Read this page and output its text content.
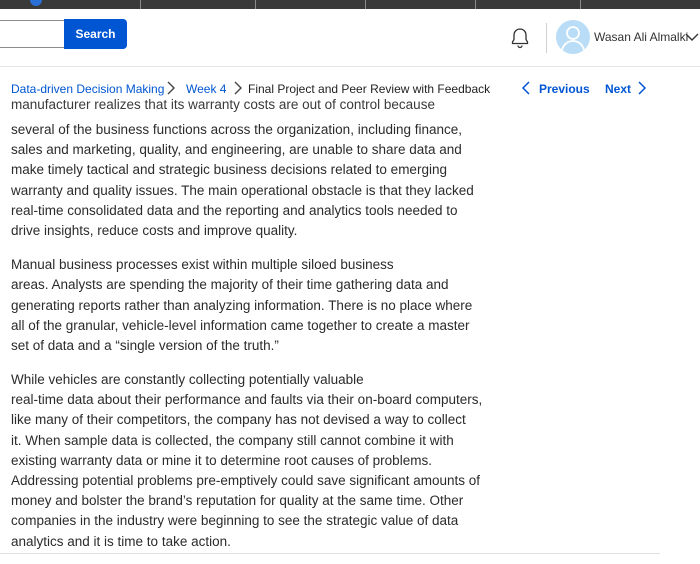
Search	Wasan Ali Almalki
Data-driven Decision Making Week 4 Final Project and Peer Review with Feedback	Previous Next
manufacturer realizes that its warranty costs are out of control because
several of the business functions across the organization, including finance,
sales and marketing, quality, and engineering, are unable to share data and
make timely tactical and strategic business decisions related to emerging
warranty and quality issues. The main operational obstacle is that they lacked
real-time consolidated data and the reporting and analytics tools needed to
drive insights, reduce costs and improve quality.
Manual business processes exist within multiple siloed business
areas. Analysts are spending the majority of their time gathering data and
generating reports rather than analyzing information. There is no place where
all of the granular, vehicle-level information came together to create a master
set of data and a “single version of the truth.”
While vehicles are constantly collecting potentially valuable
real-time data about their performance and faults via their on-board computers,
like many of their competitors, the company has not devised a way to collect
it. When sample data is collected, the company still cannot combine it with
existing warranty data or mine it to determine root causes of problems.
Addressing potential problems pre-emptively could save significant amounts of
money and bolster the brand’s reputation for quality at the same time. Other
companies in the industry were beginning to see the strategic value of data
analytics and it is time to take action.
